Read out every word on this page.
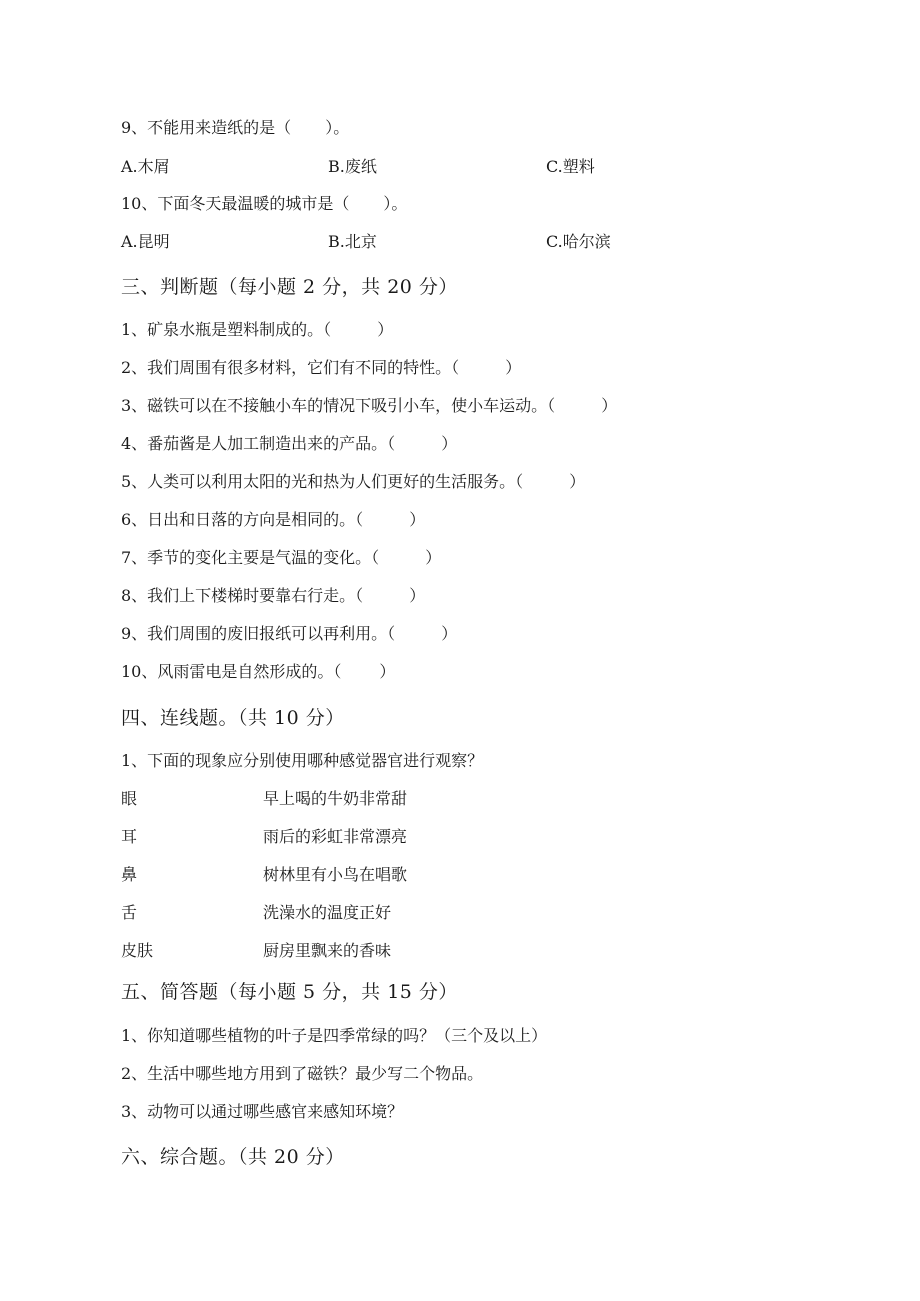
9、不能用来造纸的是（ ）。
A.木屑	B.废纸	C.塑料
10、下面冬天最温暖的城市是（ ）。
A.昆明	B.北京	C.哈尔滨
三、判断题（每小题 2 分，共 20 分）
1、矿泉水瓶是塑料制成的。（	）
2、我们周围有很多材料，它们有不同的特性。（	）
3、磁铁可以在不接触小车的情况下吸引小车，使小车运动。（	）
4、番茄酱是人加工制造出来的产品。（	）
5、人类可以利用太阳的光和热为人们更好的生活服务。（	）
6、日出和日落的方向是相同的。（	）
7、季节的变化主要是气温的变化。（	）
8、我们上下楼梯时要靠右行走。（	）
9、我们周围的废旧报纸可以再利用。（	）
10、风雨雷电是自然形成的。（ ）
四、连线题。（共 10 分）
1、下面的现象应分别使用哪种感觉器官进行观察？
眼	早上喝的牛奶非常甜
耳	雨后的彩虹非常漂亮
鼻	树林里有小鸟在唱歌
舌	洗澡水的温度正好
皮肤	厨房里飘来的香味
五、简答题（每小题 5 分，共 15 分）
1、你知道哪些植物的叶子是四季常绿的吗？（三个及以上）
2、生活中哪些地方用到了磁铁？最少写二个物品。
3、动物可以通过哪些感官来感知环境？
六、综合题。（共 20 分）
